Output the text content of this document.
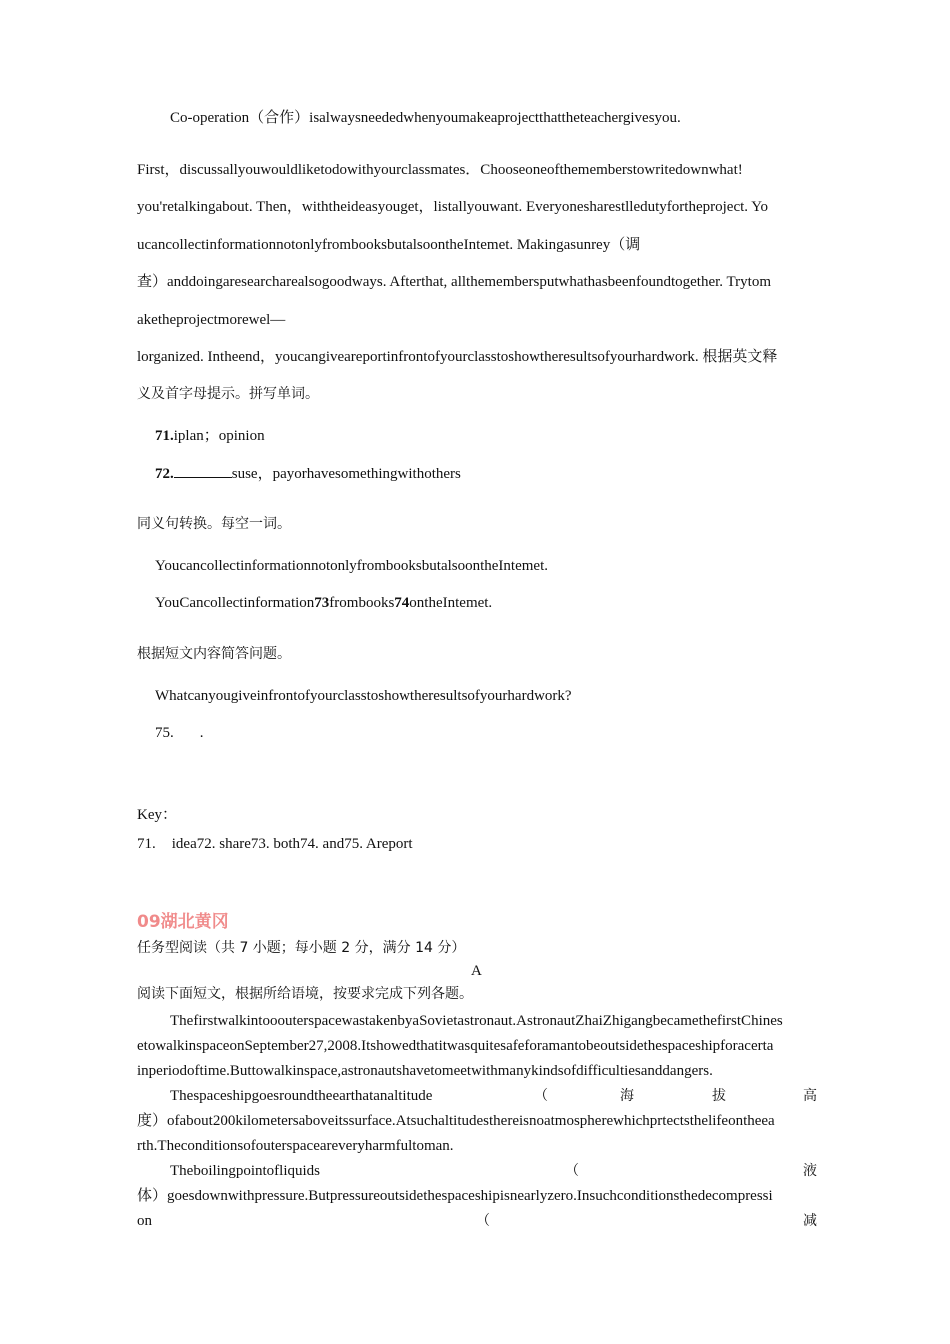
Co-operation（合作）isalwaysneededwhenyoumakeaprojectthattheteachergivesyou.
First，discussallyouwouldliketodowithyourclassmates．Chooseoneofthememberstowritedownwhat!
you'retalkingabout. Then，withtheideasyouget，listallyouwant. Everyonesharestlledutyfortheproject. Yo
ucancollectinformationnotonlyfrombooksbutalsoontheIntemet. Makingasunrey（调
查）anddoingaresearcharealsogoodways. Afterthat, allthemembersputwhathasbeenfoundtogether. Trytom
aketheprojectmorewel—
lorganized. Intheend，youcangiveareportinfrontofyourclasstoshowtheresultsofyourhardwork. 根据英文释
义及首字母提示。拼写单词。
71.iplan；opinion
72.	suse，payorhavesomethingwithothers
同义句转换。每空一词。
YoucancollectinformationnotonlyfrombooksbutalsoontheIntemet.
YouCancollectinformation73frombooks74ontheIntemet.
根据短文内容简答问题。
Whatcanyougiveinfrontofyourclasstoshowtheresultsofyourhardwork?
75. .
Key：
71. idea72. share73. both74. and75. Areport
09湖北黄冈
任务型阅读（共 7 小题；每小题 2 分，满分 14 分）
A
阅读下面短文，根据所给语境，按要求完成下列各题。
ThefirstwalkintooouterspacewastakenbyaSovietastronaut.AstronautZhaiZhigangbecamethefirstChines
etowalkinspaceonSeptember27,2008.Itshowedthatitwasquitesafeforamantobeoutsidethespaceshipforacerta
inperiodoftime.Buttowalkinspace,astronautshavetomeetwithmanykindsofdifficultiesanddangers.
Thespaceshipgoesroundtheearthatanaltitude	（	海	拔	高
度）ofabout200kilometersaboveitssurface.Atsuchaltitudesthereisnoatmospherewhichprtectsthelifeontheea
rth.Theconditionsofouterspaceareveryharmfultoman.
Theboilingpointofliquids	（	液
体）goesdownwithpressure.Butpressureoutsidethespaceshipisnearlyzero.Insuchconditionsthedecompressi
on	（	减
